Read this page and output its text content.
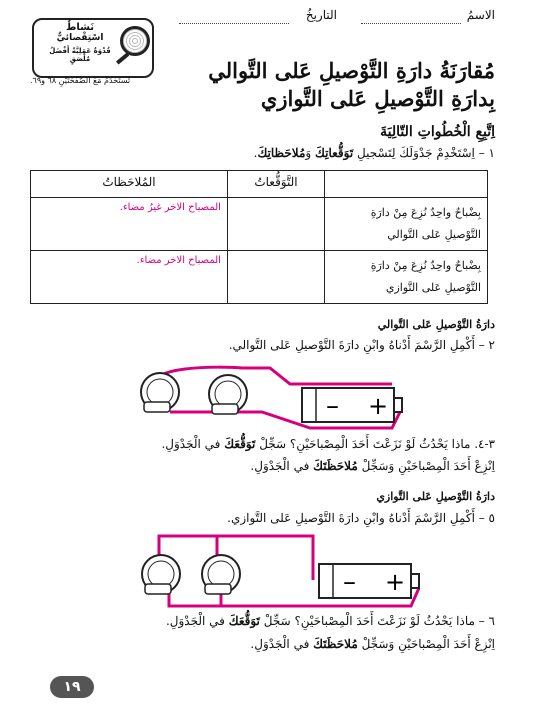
الاسمُ
التاريخُ
نَشاطٌ
اسْتِقْصائيٌّ
قُدْوَةٌ عَمَلِيَّةٌ أَفْضَلُ مُلْصَقٍ
تُستَخدَمُ مَعَ الصَّفْحَتَيْنِ ٦٨ و٦٩.	مُقارَنَةُ دارَةِ التَّوْصيلِ عَلى التَّوالي
بِدارَةِ التَّوْصيلِ عَلى التَّوازي
اِتَّبِعِ الْخُطُواتِ التّالِيَةَ
١ – اِسْتَخْدِمْ جَدْوَلَكَ لِتَسْجيلِ تَوَقُّعاتِكَ وَمُلاحَظاتِكَ.
	التَّوَقُّعاتُ	المُلاحَظاتُ

بِضْباحٌ واحِدٌ نُزِعَ مِنْ دارَةِ
التَّوْصيلِ عَلى التَّوالي		المصباح الاخر غيرُ مضاء.

بِضْباحٌ واحِدٌ نُزِعَ مِنْ دارَةِ
التَّوْصيلِ عَلى التَّوازي		المصباح الاخر مضاء.
دارَةُ التَّوْصيلِ عَلى التَّوالي
٢ – أَكْمِلِ الرَّسْمَ أَدْناهُ وابْنِ دارَةَ التَّوْصيلِ عَلى التَّوالي.
– +
٣-٤. ماذا يَحْدُثُ لَوْ نَزَعْتَ أَحَدَ الْمِصْباحَيْنِ؟ سَجِّلْ تَوَقُّعَكَ في الْجَدْوَلِ.
اِنْزِعْ أَحَدَ الْمِصْباحَيْنِ وَسَجِّلْ مُلاحَظَتَكَ في الْجَدْوَلِ.
دارَةُ التَّوْصيلِ عَلى التَّوازي
٥ – أَكْمِلِ الرَّسْمَ أَدْناهُ وابْنِ دارَةَ التَّوْصيلِ عَلى التَّوازي.
– +
٦ – ماذا يَحْدُثُ لَوْ نَزَعْتَ أَحَدَ الْمِصْباحَيْنِ؟ سَجِّلْ تَوَقُّعَكَ في الْجَدْوَلِ.
اِنْزِعْ أَحَدَ الْمِصْباحَيْنِ وَسَجِّلْ مُلاحَظَتَكَ في الْجَدْوَلِ.
١٩
